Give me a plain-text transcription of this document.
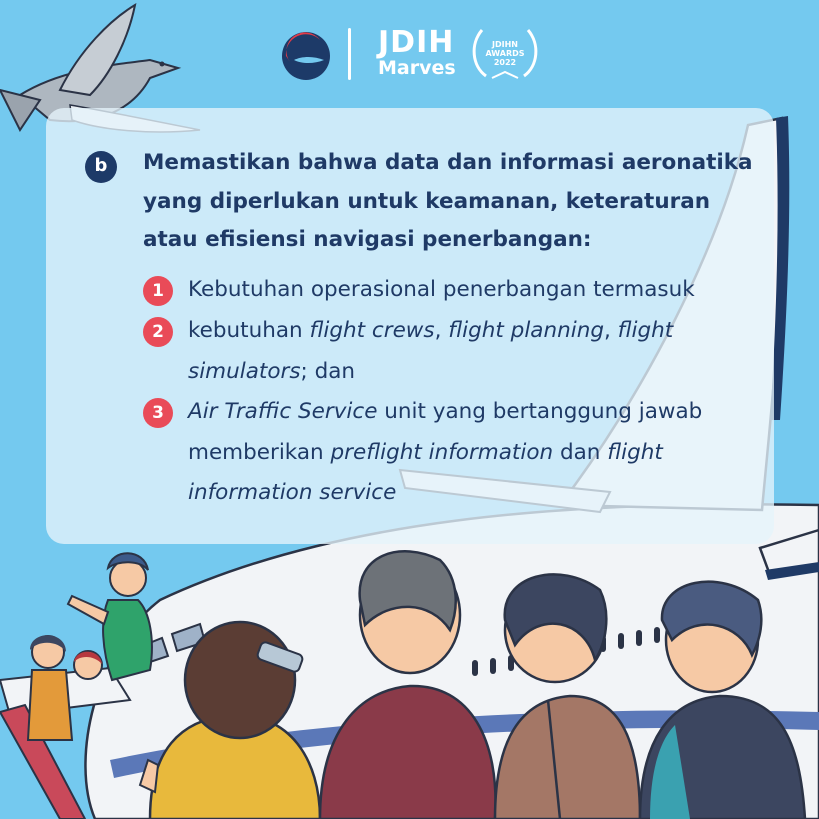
JDIH
Marves
JDIHN
AWARDS
2022
b	Memastikan bahwa data dan informasi aeronatika yang diperlukan untuk keamanan, keteraturan atau efisiensi navigasi penerbangan:
1	Kebutuhan operasional penerbangan termasuk
2	kebutuhan flight crews, flight planning, flight simulators; dan
3	Air Traffic Service unit yang bertanggung jawab memberikan preflight information dan flight information service
